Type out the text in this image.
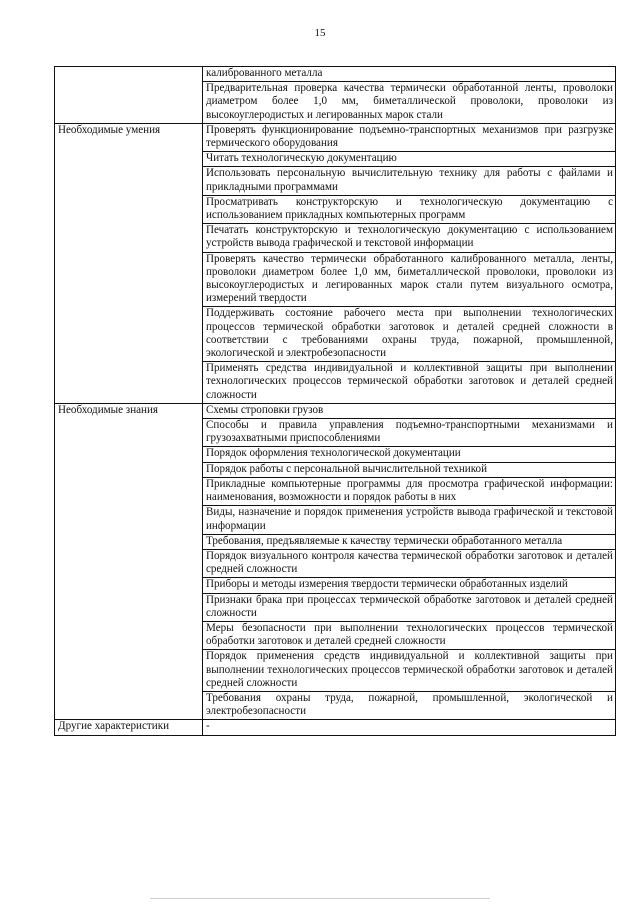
15
	калиброванного металла
	Предварительная проверка качества термически обработанной ленты, проволоки диаметром более 1,0 мм, биметаллической проволоки, проволоки из высокоуглеродистых и легированных марок стали
Необходимые умения	Проверять функционирование подъемно-транспортных механизмов при разгрузке термического оборудования
	Читать технологическую документацию
	Использовать персональную вычислительную технику для работы с файлами и прикладными программами
	Просматривать конструкторскую и технологическую документацию с использованием прикладных компьютерных программ
	Печатать конструкторскую и технологическую документацию с использованием устройств вывода графической и текстовой информации
	Проверять качество термически обработанного калиброванного металла, ленты, проволоки диаметром более 1,0 мм, биметаллической проволоки, проволоки из высокоуглеродистых и легированных марок стали путем визуального осмотра, измерений твердости
	Поддерживать состояние рабочего места при выполнении технологических процессов термической обработки заготовок и деталей средней сложности в соответствии с требованиями охраны труда, пожарной, промышленной, экологической и электробезопасности
	Применять средства индивидуальной и коллективной защиты при выполнении технологических процессов термической обработки заготовок и деталей средней сложности
Необходимые знания	Схемы строповки грузов
	Способы и правила управления подъемно-транспортными механизмами и грузозахватными приспособлениями
	Порядок оформления технологической документации
	Порядок работы с персональной вычислительной техникой
	Прикладные компьютерные программы для просмотра графической информации: наименования, возможности и порядок работы в них
	Виды, назначение и порядок применения устройств вывода графической и текстовой информации
	Требования, предъявляемые к качеству термически обработанного металла
	Порядок визуального контроля качества термической обработки заготовок и деталей средней сложности
	Приборы и методы измерения твердости термически обработанных изделий
	Признаки брака при процессах термической обработке заготовок и деталей средней сложности
	Меры безопасности при выполнении технологических процессов термической обработки заготовок и деталей средней сложности
	Порядок применения средств индивидуальной и коллективной защиты при выполнении технологических процессов термической обработки заготовок и деталей средней сложности
	Требования охраны труда, пожарной, промышленной, экологической и электробезопасности
Другие характеристики	-
